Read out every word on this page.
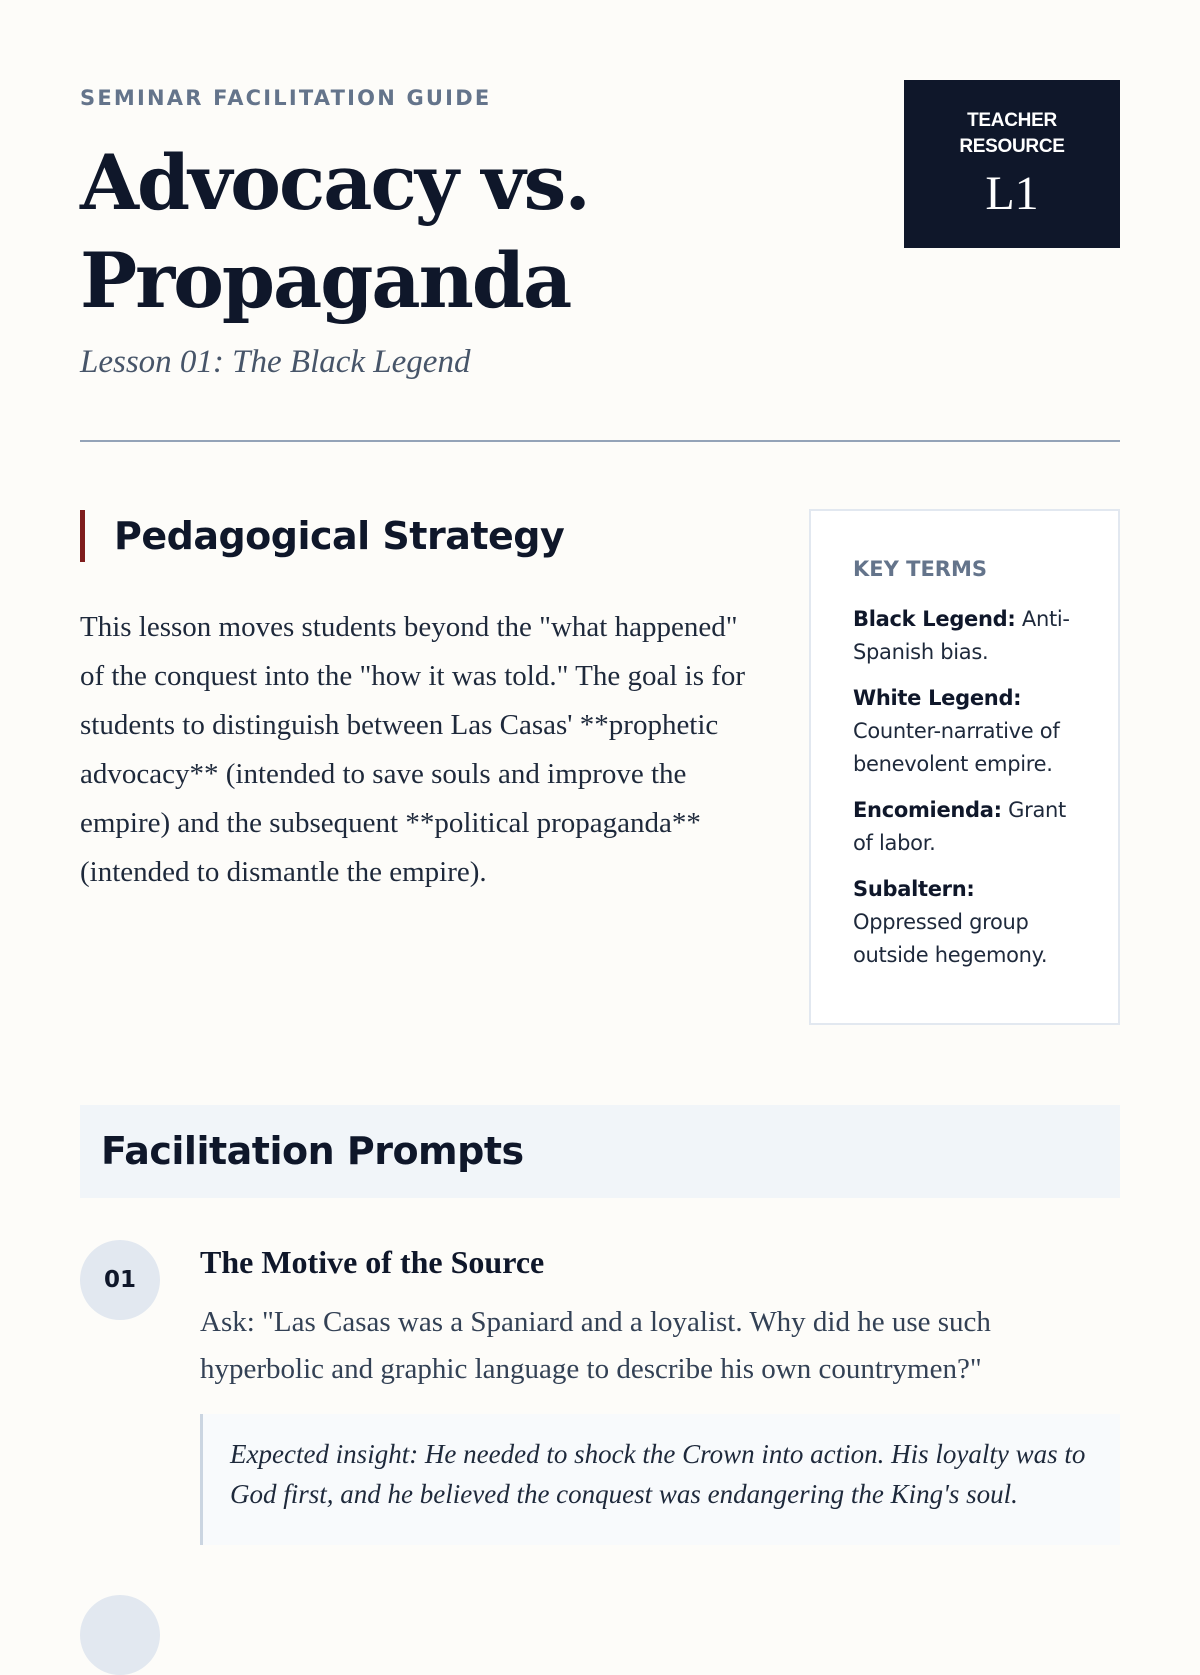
SEMINAR FACILITATION GUIDE
Advocacy vs. Propaganda
Lesson 01: The Black Legend
TEACHER RESOURCE
L1
Pedagogical Strategy

This lesson moves students beyond the "what happened" of the conquest into the "how it was told." The goal is for students to distinguish between Las Casas' **prophetic advocacy** (intended to save souls and improve the empire) and the subsequent **political propaganda** (intended to dismantle the empire).

KEY TERMS
Black Legend: Anti-Spanish bias.
White Legend: Counter-narrative of benevolent empire.
Encomienda: Grant of labor.
Subaltern: Oppressed group outside hegemony.
Facilitation Prompts
01	The Motive of the Source

Ask: "Las Casas was a Spaniard and a loyalist. Why did he use such hyperbolic and graphic language to describe his own countrymen?"

Expected insight: He needed to shock the Crown into action. His loyalty was to God first, and he believed the conquest was endangering the King's soul.
